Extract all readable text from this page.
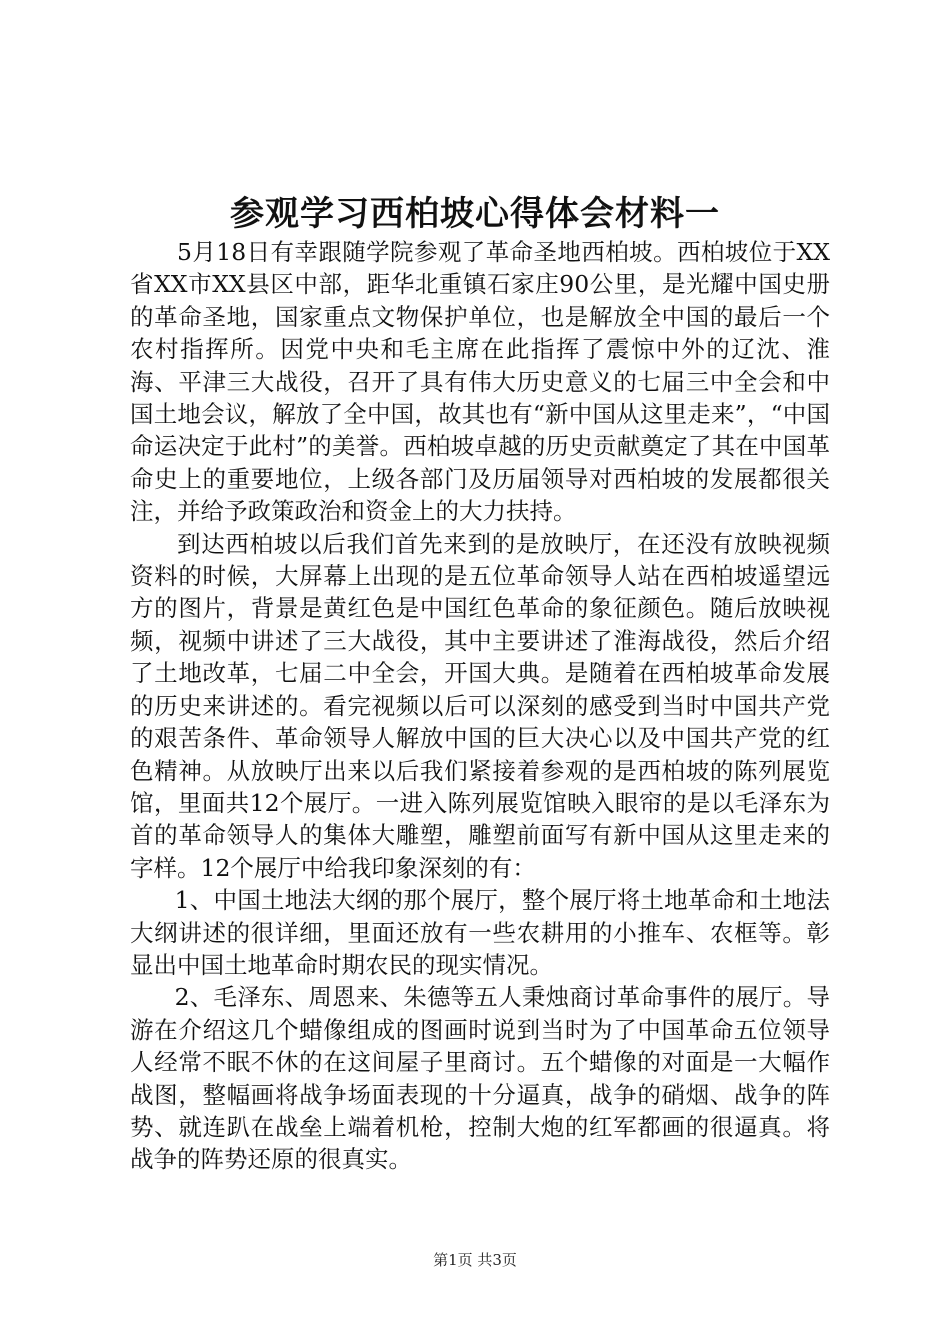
参观学习西柏坡心得体会材料一

5月18日有幸跟随学院参观了革命圣地西柏坡。西柏坡位于XX省XX市XX县区中部，距华北重镇石家庄90公里，是光耀中国史册的革命圣地，国家重点文物保护单位，也是解放全中国的最后一个农村指挥所。因党中央和毛主席在此指挥了震惊中外的辽沈、淮海、平津三大战役，召开了具有伟大历史意义的七届三中全会和中国土地会议，解放了全中国，故其也有“新中国从这里走来”，“中国命运决定于此村”的美誉。西柏坡卓越的历史贡献奠定了其在中国革命史上的重要地位，上级各部门及历届领导对西柏坡的发展都很关注，并给予政策政治和资金上的大力扶持。

到达西柏坡以后我们首先来到的是放映厅，在还没有放映视频资料的时候，大屏幕上出现的是五位革命领导人站在西柏坡遥望远方的图片，背景是黄红色是中国红色革命的象征颜色。随后放映视频，视频中讲述了三大战役，其中主要讲述了淮海战役，然后介绍了土地改革，七届二中全会，开国大典。是随着在西柏坡革命发展的历史来讲述的。看完视频以后可以深刻的感受到当时中国共产党的艰苦条件、革命领导人解放中国的巨大决心以及中国共产党的红色精神。从放映厅出来以后我们紧接着参观的是西柏坡的陈列展览馆，里面共12个展厅。一进入陈列展览馆映入眼帘的是以毛泽东为首的革命领导人的集体大雕塑，雕塑前面写有新中国从这里走来的字样。12个展厅中给我印象深刻的有：

1、中国土地法大纲的那个展厅，整个展厅将土地革命和土地法大纲讲述的很详细，里面还放有一些农耕用的小推车、农框等。彰显出中国土地革命时期农民的现实情况。

2、毛泽东、周恩来、朱德等五人秉烛商讨革命事件的展厅。导游在介绍这几个蜡像组成的图画时说到当时为了中国革命五位领导人经常不眠不休的在这间屋子里商讨。五个蜡像的对面是一大幅作战图，整幅画将战争场面表现的十分逼真，战争的硝烟、战争的阵势、就连趴在战垒上端着机枪，控制大炮的红军都画的很逼真。将战争的阵势还原的很真实。

第1页 共3页
